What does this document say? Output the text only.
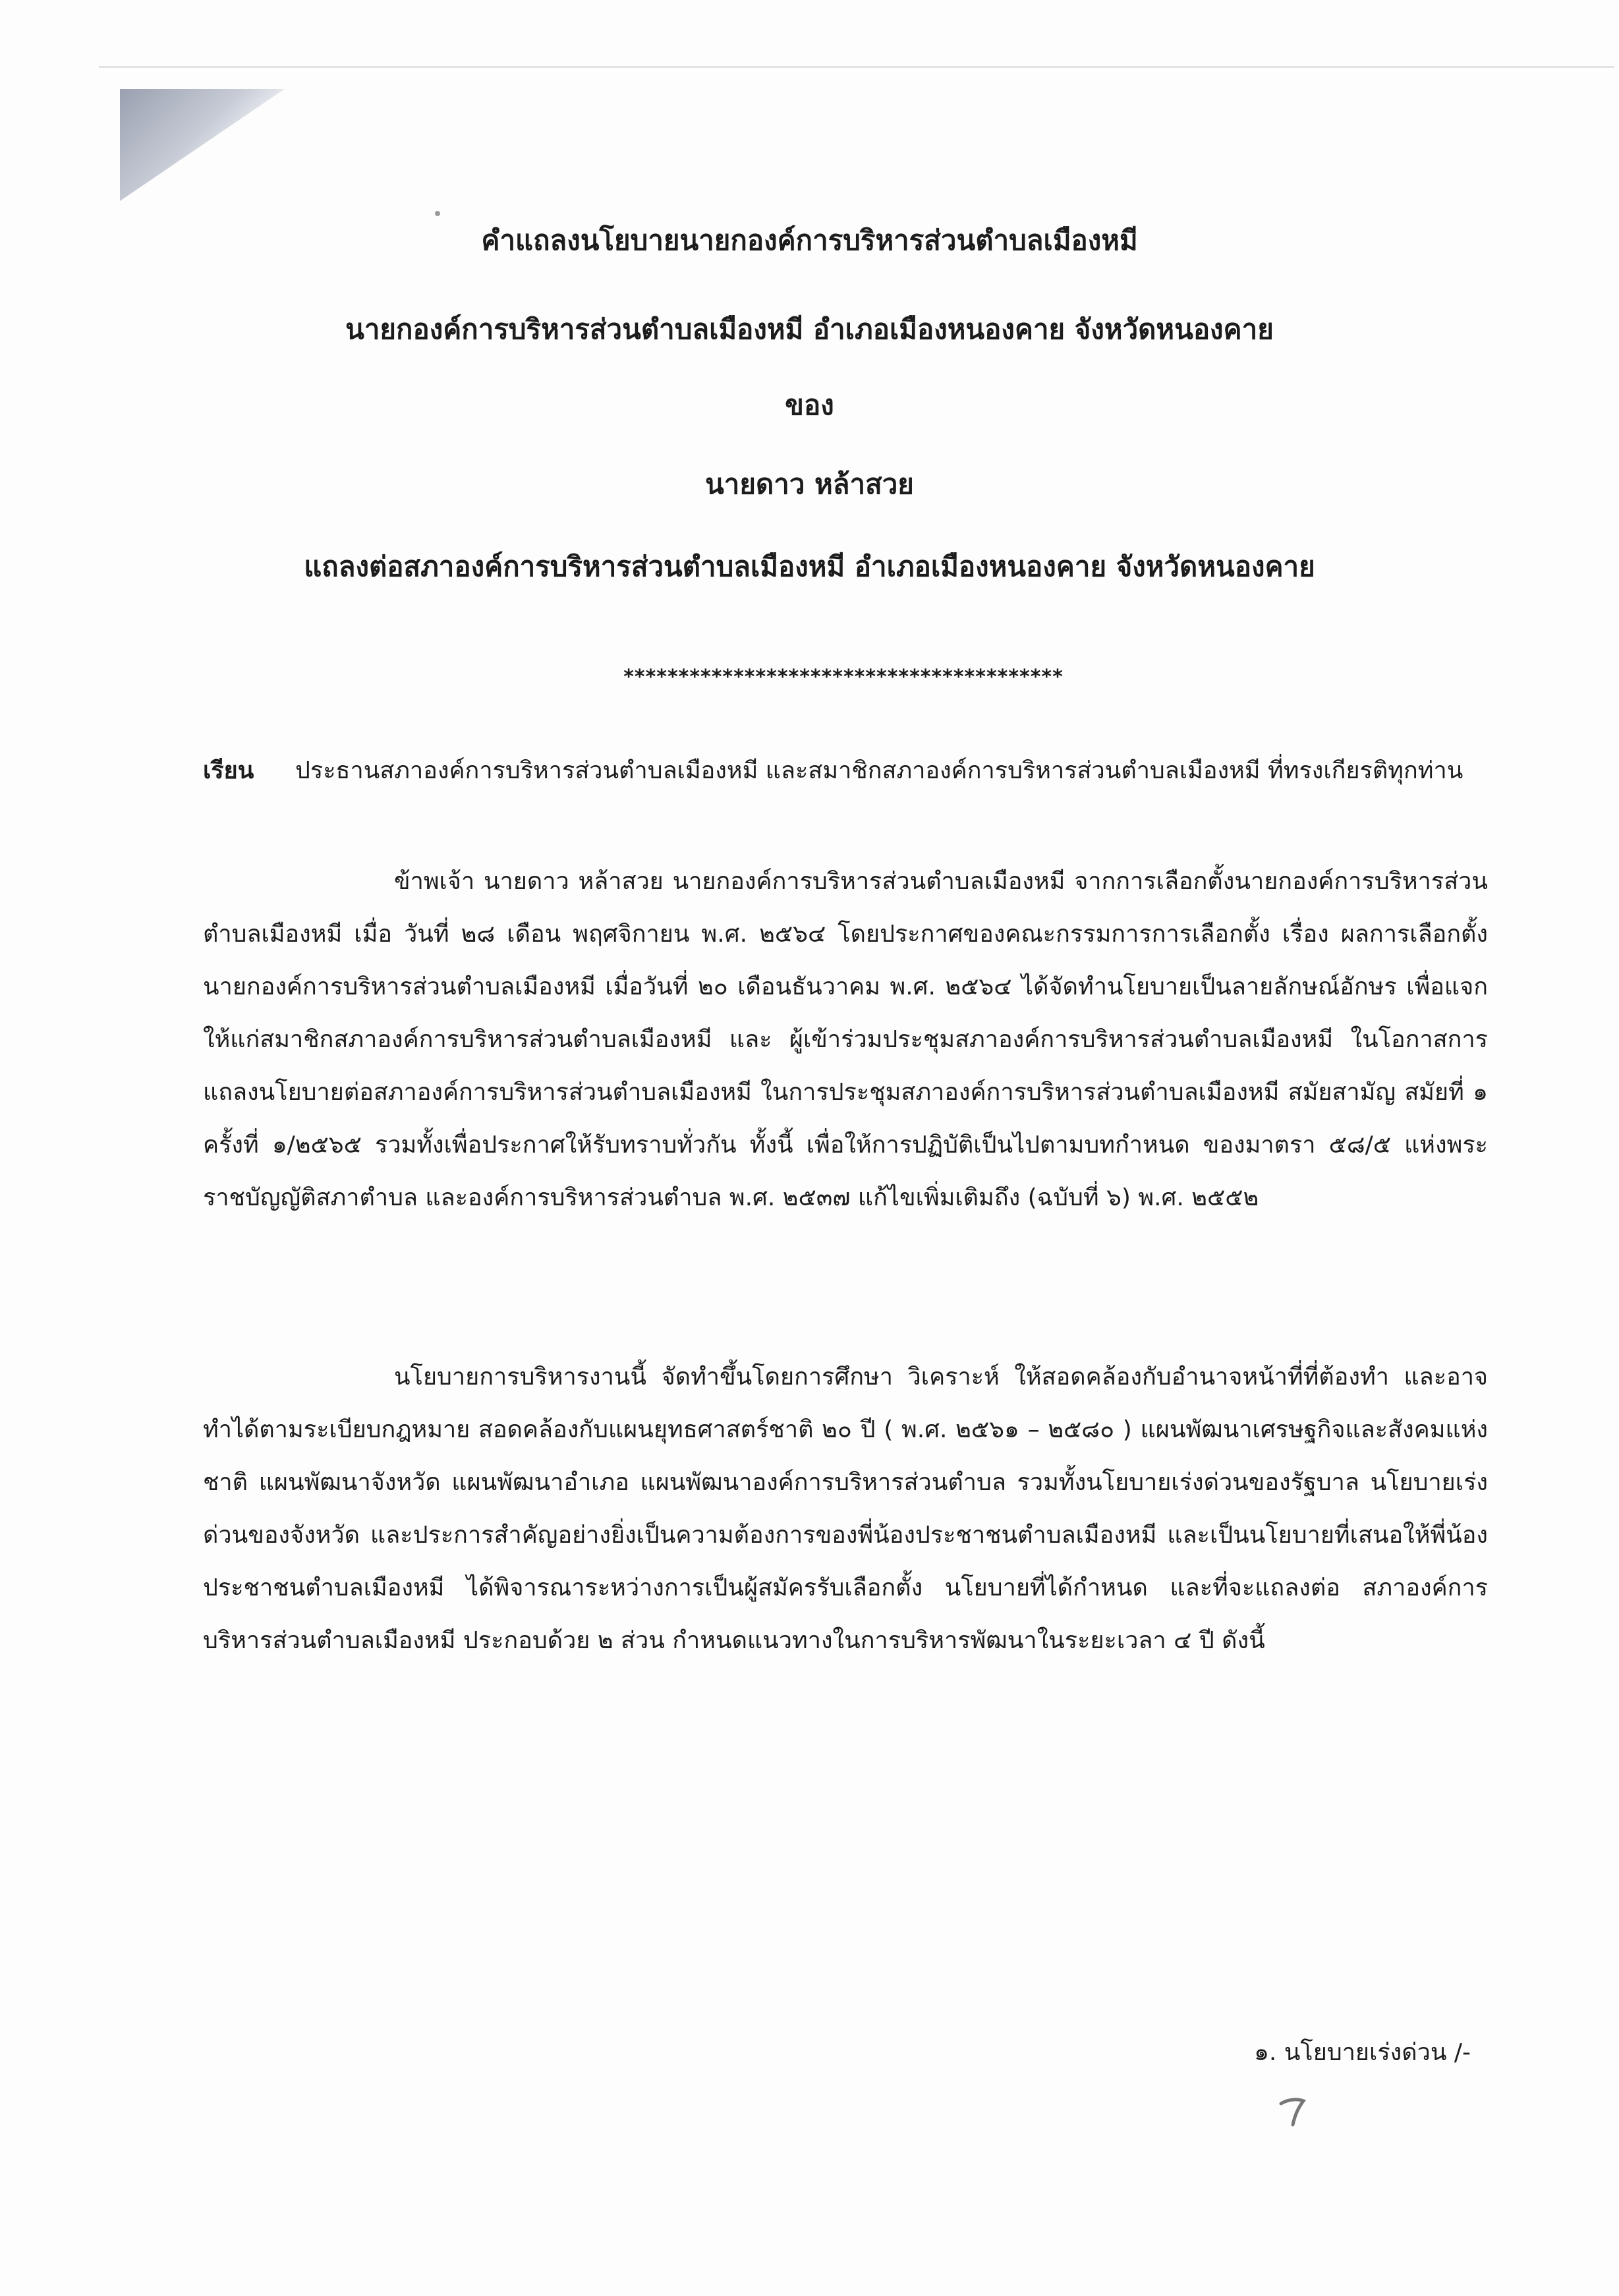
คำแถลงนโยบายนายกองค์การบริหารส่วนตำบลเมืองหมี
นายกองค์การบริหารส่วนตำบลเมืองหมี อำเภอเมืองหนองคาย จังหวัดหนองคาย
ของ
นายดาว หล้าสวย
แถลงต่อสภาองค์การบริหารส่วนตำบลเมืองหมี อำเภอเมืองหนองคาย จังหวัดหนองคาย
****************************************
เรียน ประธานสภาองค์การบริหารส่วนตำบลเมืองหมี และสมาชิกสภาองค์การบริหารส่วนตำบลเมืองหมี ที่ทรงเกียรติทุกท่าน
ข้าพเจ้า นายดาว หล้าสวย นายกองค์การบริหารส่วนตำบลเมืองหมี จากการเลือกตั้งนายกองค์การบริหารส่วนตำบลเมืองหมี เมื่อ วันที่ ๒๘ เดือน พฤศจิกายน พ.ศ. ๒๕๖๔ โดยประกาศของคณะกรรมการการเลือกตั้ง เรื่อง ผลการเลือกตั้งนายกองค์การบริหารส่วนตำบลเมืองหมี เมื่อวันที่ ๒๐ เดือนธันวาคม พ.ศ. ๒๕๖๔ ได้จัดทำนโยบายเป็นลายลักษณ์อักษร เพื่อแจกให้แก่สมาชิกสภาองค์การบริหารส่วนตำบลเมืองหมี และ ผู้เข้าร่วมประชุมสภาองค์การบริหารส่วนตำบลเมืองหมี ในโอกาสการแถลงนโยบายต่อสภาองค์การบริหารส่วนตำบลเมืองหมี ในการประชุมสภาองค์การบริหารส่วนตำบลเมืองหมี สมัยสามัญ สมัยที่ ๑ ครั้งที่ ๑/๒๕๖๕ รวมทั้งเพื่อประกาศให้รับทราบทั่วกัน ทั้งนี้ เพื่อให้การปฏิบัติเป็นไปตามบทกำหนด ของมาตรา ๕๘/๕ แห่งพระราชบัญญัติสภาตำบล และองค์การบริหารส่วนตำบล พ.ศ. ๒๕๓๗ แก้ไขเพิ่มเติมถึง (ฉบับที่ ๖) พ.ศ. ๒๕๕๒
นโยบายการบริหารงานนี้ จัดทำขึ้นโดยการศึกษา วิเคราะห์ ให้สอดคล้องกับอำนาจหน้าที่ที่ต้องทำ และอาจทำได้ตามระเบียบกฎหมาย สอดคล้องกับแผนยุทธศาสตร์ชาติ ๒๐ ปี ( พ.ศ. ๒๕๖๑ – ๒๕๘๐ ) แผนพัฒนาเศรษฐกิจและสังคมแห่งชาติ แผนพัฒนาจังหวัด แผนพัฒนาอำเภอ แผนพัฒนาองค์การบริหารส่วนตำบล รวมทั้งนโยบายเร่งด่วนของรัฐบาล นโยบายเร่งด่วนของจังหวัด และประการสำคัญอย่างยิ่งเป็นความต้องการของพี่น้องประชาชนตำบลเมืองหมี และเป็นนโยบายที่เสนอให้พี่น้องประชาชนตำบลเมืองหมี ได้พิจารณาระหว่างการเป็นผู้สมัครรับเลือกตั้ง นโยบายที่ได้กำหนด และที่จะแถลงต่อ สภาองค์การบริหารส่วนตำบลเมืองหมี ประกอบด้วย ๒ ส่วน กำหนดแนวทางในการบริหารพัฒนาในระยะเวลา ๔ ปี ดังนี้
๑. นโยบายเร่งด่วน /-
